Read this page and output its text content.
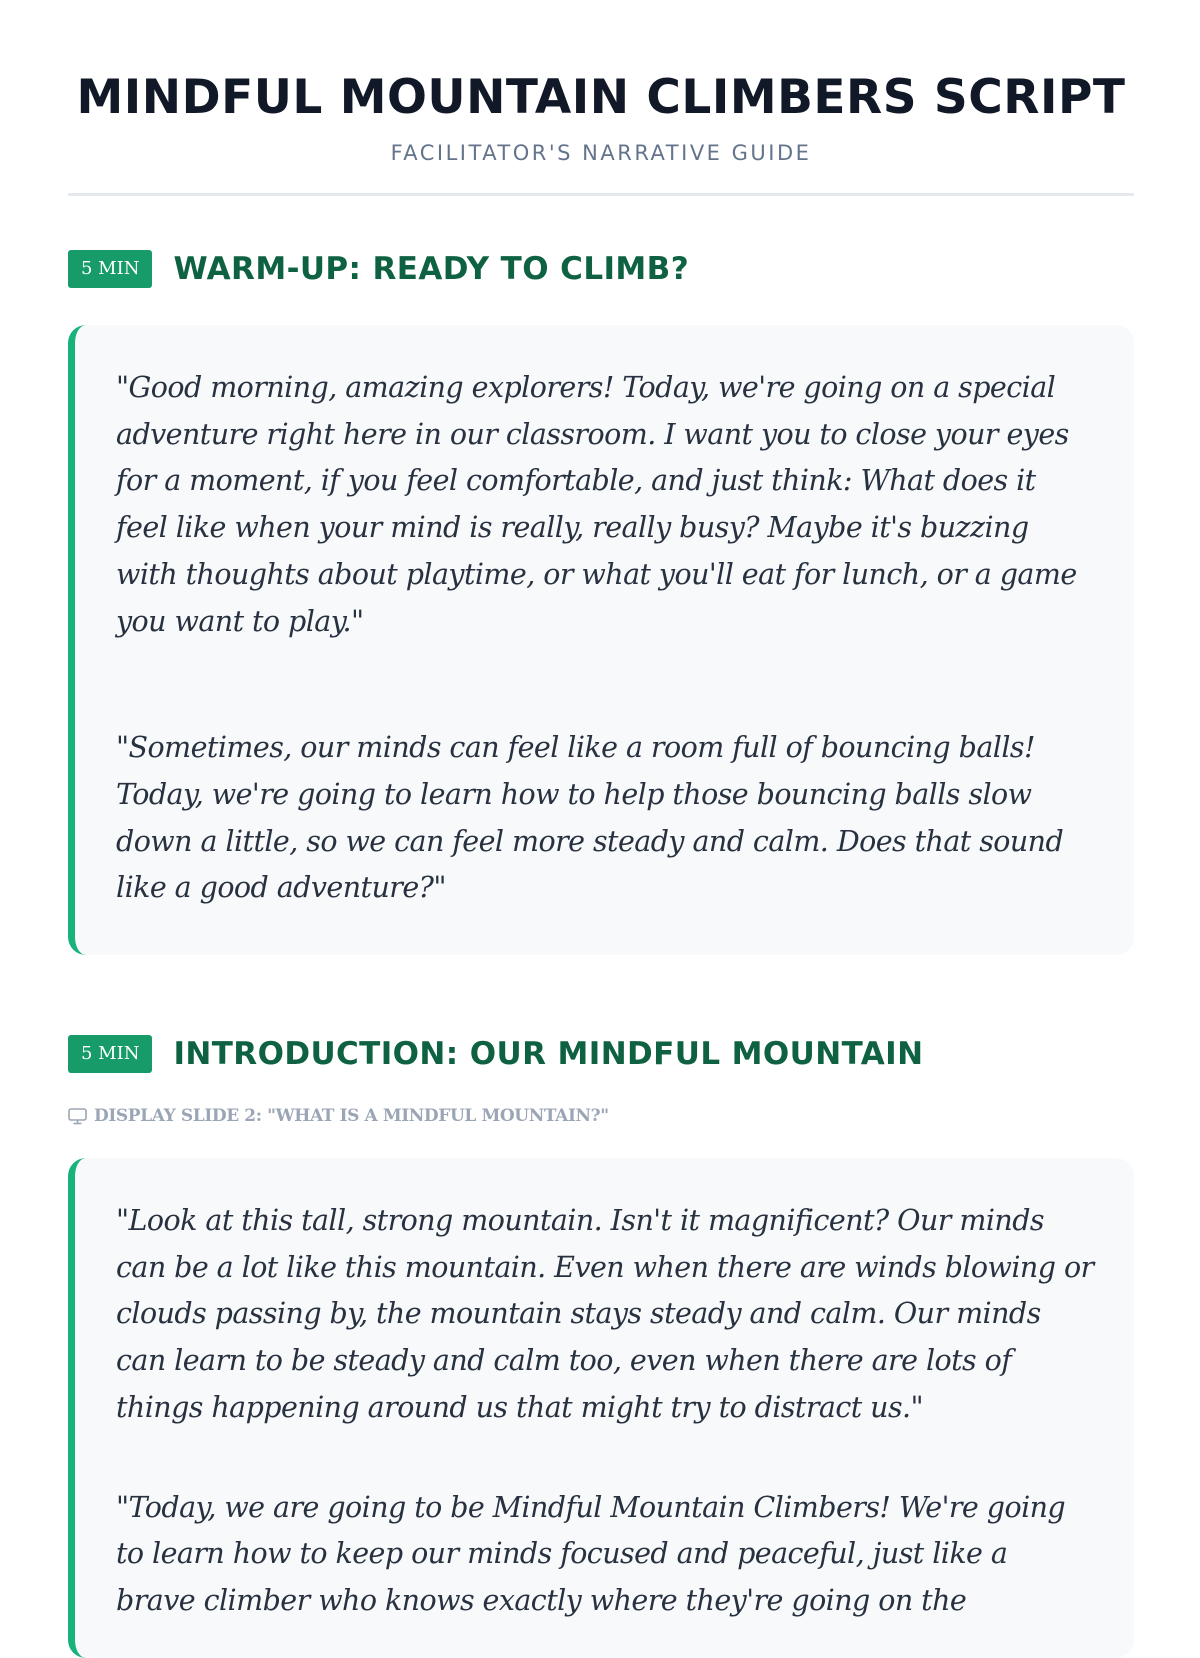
MINDFUL MOUNTAIN CLIMBERS SCRIPT
FACILITATOR'S NARRATIVE GUIDE
5 MIN	WARM-UP: READY TO CLIMB?

"Good morning, amazing explorers! Today, we're going on a special adventure right here in our classroom. I want you to close your eyes for a moment, if you feel comfortable, and just think: What does it feel like when your mind is really, really busy? Maybe it's buzzing with thoughts about playtime, or what you'll eat for lunch, or a game you want to play."

"Sometimes, our minds can feel like a room full of bouncing balls! Today, we're going to learn how to help those bouncing balls slow down a little, so we can feel more steady and calm. Does that sound like a good adventure?"

5 MIN	INTRODUCTION: OUR MINDFUL MOUNTAIN
DISPLAY SLIDE 2: "WHAT IS A MINDFUL MOUNTAIN?"

"Look at this tall, strong mountain. Isn't it magnificent? Our minds can be a lot like this mountain. Even when there are winds blowing or clouds passing by, the mountain stays steady and calm. Our minds can learn to be steady and calm too, even when there are lots of things happening around us that might try to distract us."

"Today, we are going to be Mindful Mountain Climbers! We're going to learn how to keep our minds focused and peaceful, just like a brave climber who knows exactly where they're going on the
